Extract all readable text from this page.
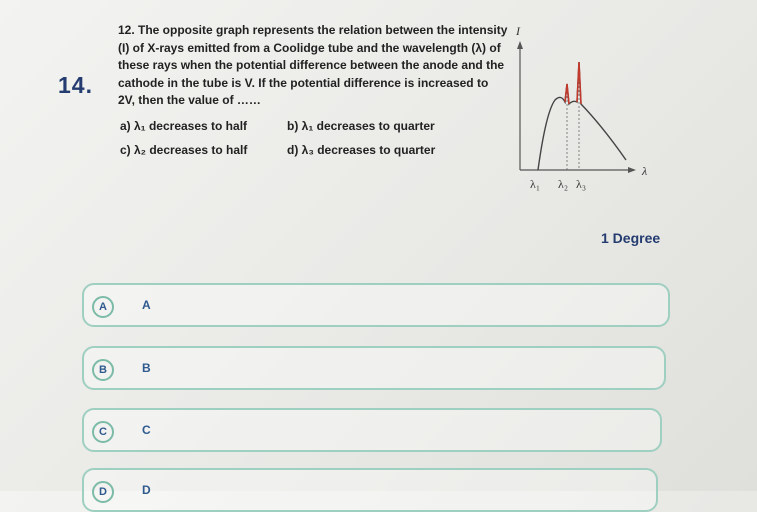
14.
12. The opposite graph represents the relation between the intensity (I) of X-rays emitted from a Coolidge tube and the wavelength (λ) of these rays when the potential difference between the anode and the cathode in the tube is V. If the potential difference is increased to 2V, then the value of ……
a) λ₁ decreases to half	b) λ₁ decreases to quarter
c) λ₂ decreases to half	d) λ₃ decreases to quarter
I
λ
λ₁ λ₂ λ₃
1 Degree
A	A
B	B
C	C
D	D
